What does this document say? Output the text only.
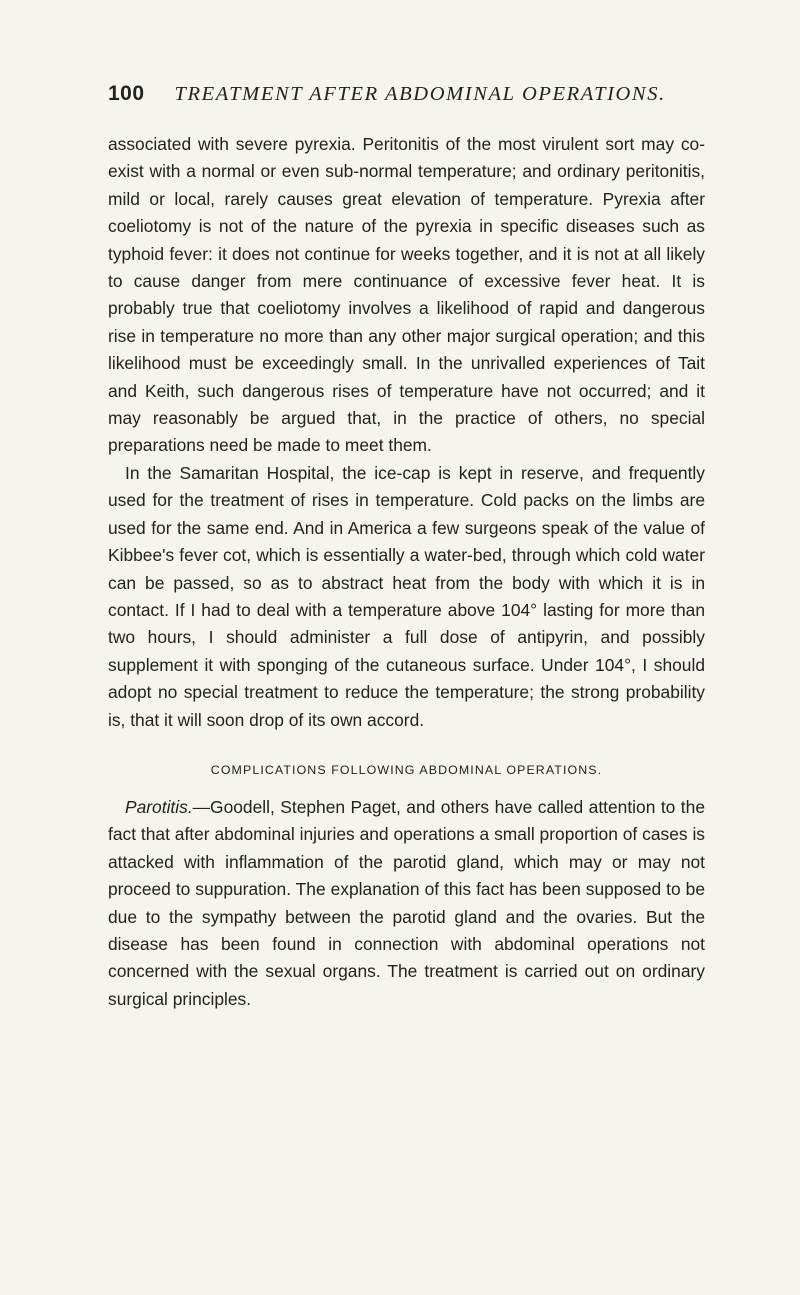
100 TREATMENT AFTER ABDOMINAL OPERATIONS.

associated with severe pyrexia. Peritonitis of the most virulent sort may co-exist with a normal or even sub-normal temperature; and ordinary peritonitis, mild or local, rarely causes great elevation of temperature. Pyrexia after coeliotomy is not of the nature of the pyrexia in specific diseases such as typhoid fever: it does not continue for weeks together, and it is not at all likely to cause danger from mere continuance of excessive fever heat. It is probably true that coeliotomy involves a likelihood of rapid and dangerous rise in temperature no more than any other major surgical operation; and this likelihood must be exceedingly small. In the unrivalled experiences of Tait and Keith, such dangerous rises of temperature have not occurred; and it may reasonably be argued that, in the practice of others, no special preparations need be made to meet them.

In the Samaritan Hospital, the ice-cap is kept in reserve, and frequently used for the treatment of rises in temperature. Cold packs on the limbs are used for the same end. And in America a few surgeons speak of the value of Kibbee's fever cot, which is essentially a water-bed, through which cold water can be passed, so as to abstract heat from the body with which it is in contact. If I had to deal with a temperature above 104° lasting for more than two hours, I should administer a full dose of antipyrin, and possibly supplement it with sponging of the cutaneous surface. Under 104°, I should adopt no special treatment to reduce the temperature; the strong probability is, that it will soon drop of its own accord.

COMPLICATIONS FOLLOWING ABDOMINAL OPERATIONS.

Parotitis.—Goodell, Stephen Paget, and others have called attention to the fact that after abdominal injuries and operations a small proportion of cases is attacked with inflammation of the parotid gland, which may or may not proceed to suppuration. The explanation of this fact has been supposed to be due to the sympathy between the parotid gland and the ovaries. But the disease has been found in connection with abdominal operations not concerned with the sexual organs. The treatment is carried out on ordinary surgical principles.
